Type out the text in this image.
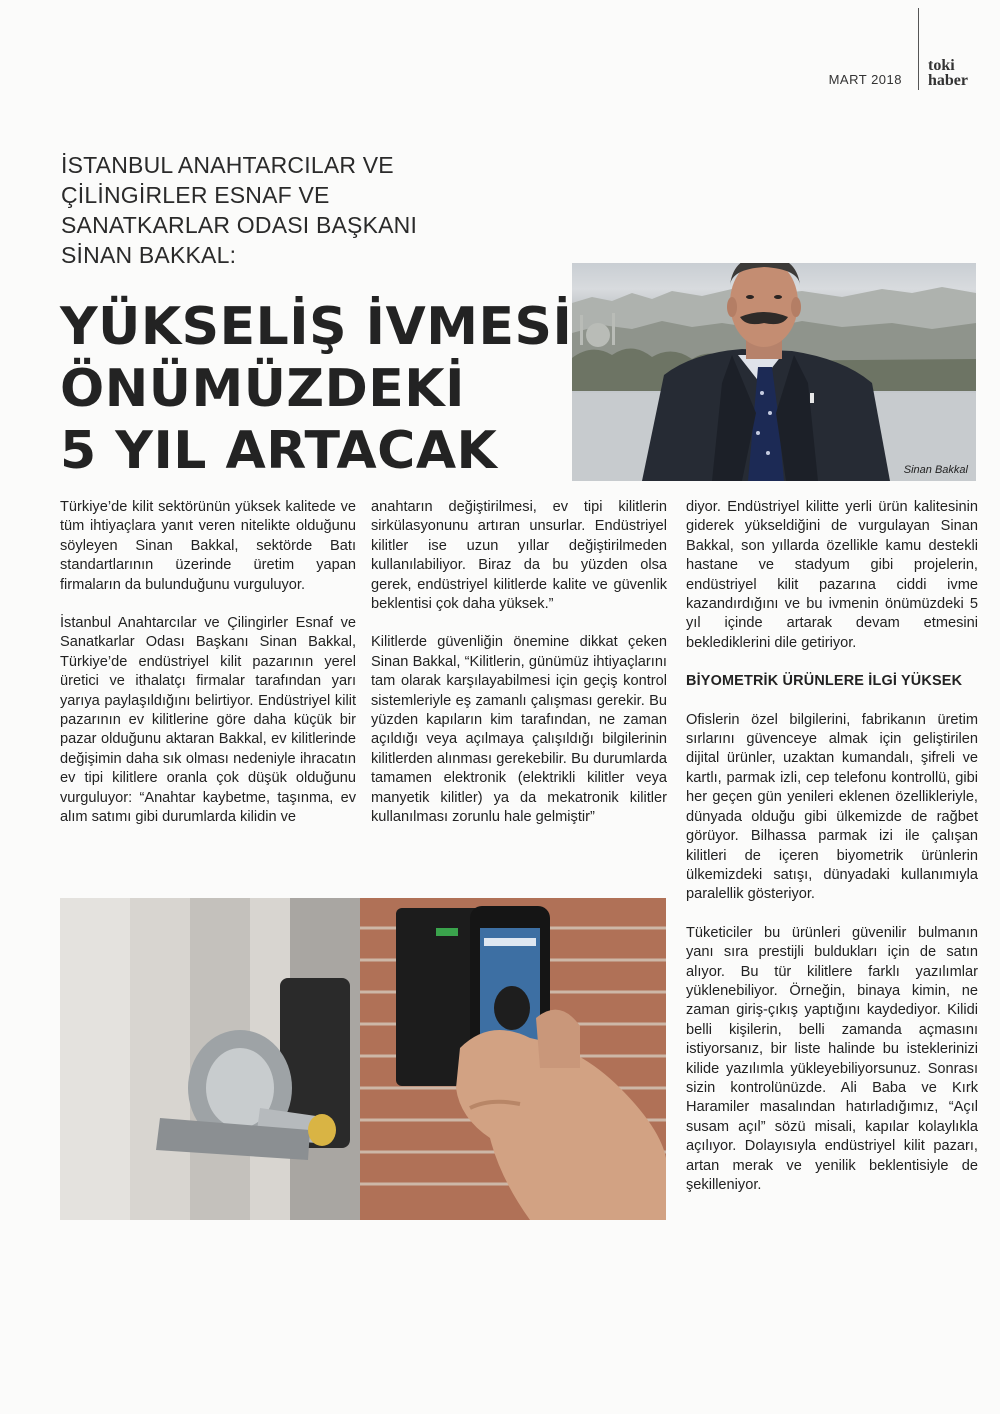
MART 2018
toki
haber
İSTANBUL ANAHTARCILAR VE
ÇİLİNGİRLER ESNAF VE
SANATKARLAR ODASI BAŞKANI
SİNAN BAKKAL:
YÜKSELİŞ İVMESİ
ÖNÜMÜZDEKİ
5 YIL ARTACAK	Sinan Bakkal

Türkiye’de kilit sektörünün yüksek kalitede ve tüm ihtiyaçlara yanıt veren nitelikte olduğunu söyleyen Sinan Bakkal, sektörde Batı standartlarının üzerinde üretim yapan firmaların da bulunduğunu vurguluyor.

İstanbul Anahtarcılar ve Çilingirler Esnaf ve Sanatkarlar Odası Başkanı Sinan Bakkal, Türkiye’de endüstriyel kilit pazarının yerel üretici ve ithalatçı firmalar tarafından yarı yarıya paylaşıldığını belirtiyor. Endüstriyel kilit pazarının ev kilitlerine göre daha küçük bir pazar olduğunu aktaran Bakkal, ev kilitlerinde değişimin daha sık olması nedeniyle ihracatın ev tipi kilitlere oranla çok düşük olduğunu vurguluyor: “Anahtar kaybetme, taşınma, ev alım satımı gibi durumlarda kilidin ve

anahtarın değiştirilmesi, ev tipi kilitlerin sirkülasyonunu artıran unsurlar. Endüstriyel kilitler ise uzun yıllar değiştirilmeden kullanılabiliyor. Biraz da bu yüzden olsa gerek, endüstriyel kilitlerde kalite ve güvenlik beklentisi çok daha yüksek.”

Kilitlerde güvenliğin önemine dikkat çeken Sinan Bakkal, “Kilitlerin, günümüz ihtiyaçlarını tam olarak karşılayabilmesi için geçiş kontrol sistemleriyle eş zamanlı çalışması gerekir. Bu yüzden kapıların kim tarafından, ne zaman açıldığı veya açılmaya çalışıldığı bilgilerinin kilitlerden alınması gerekebilir. Bu durumlarda tamamen elektronik (elektrikli kilitler veya manyetik kilitler) ya da mekatronik kilitler kullanılması zorunlu hale gelmiştir”

diyor. Endüstriyel kilitte yerli ürün kalitesinin giderek yükseldiğini de vurgulayan Sinan Bakkal, son yıllarda özellikle kamu destekli hastane ve stadyum gibi projelerin, endüstriyel kilit pazarına ciddi ivme kazandırdığını ve bu ivmenin önümüzdeki 5 yıl içinde artarak devam etmesini beklediklerini dile getiriyor.

BİYOMETRİK ÜRÜNLERE İLGİ YÜKSEK

Ofislerin özel bilgilerini, fabrikanın üretim sırlarını güvenceye almak için geliştirilen dijital ürünler, uzaktan kumandalı, şifreli ve kartlı, parmak izli, cep telefonu kontrollü, gibi her geçen gün yenileri eklenen özellikleriyle, dünyada olduğu gibi ülkemizde de rağbet görüyor. Bilhassa parmak izi ile çalışan kilitleri de içeren biyometrik ürünlerin ülkemizdeki satışı, dünyadaki kullanımıyla paralellik gösteriyor.

Tüketiciler bu ürünleri güvenilir bulmanın yanı sıra prestijli buldukları için de satın alıyor. Bu tür kilitlere farklı yazılımlar yüklenebiliyor. Örneğin, binaya kimin, ne zaman giriş-çıkış yaptığını kaydediyor. Kilidi belli kişilerin, belli zamanda açmasını istiyorsanız, bir liste halinde bu isteklerinizi kilide yazılımla yükleyebiliyorsunuz. Sonrası sizin kontrolünüzde. Ali Baba ve Kırk Haramiler masalından hatırladığımız, “Açıl susam açıl” sözü misali, kapılar kolaylıkla açılıyor. Dolayısıyla endüstriyel kilit pazarı, artan merak ve yenilik beklentisiyle de şekilleniyor.
